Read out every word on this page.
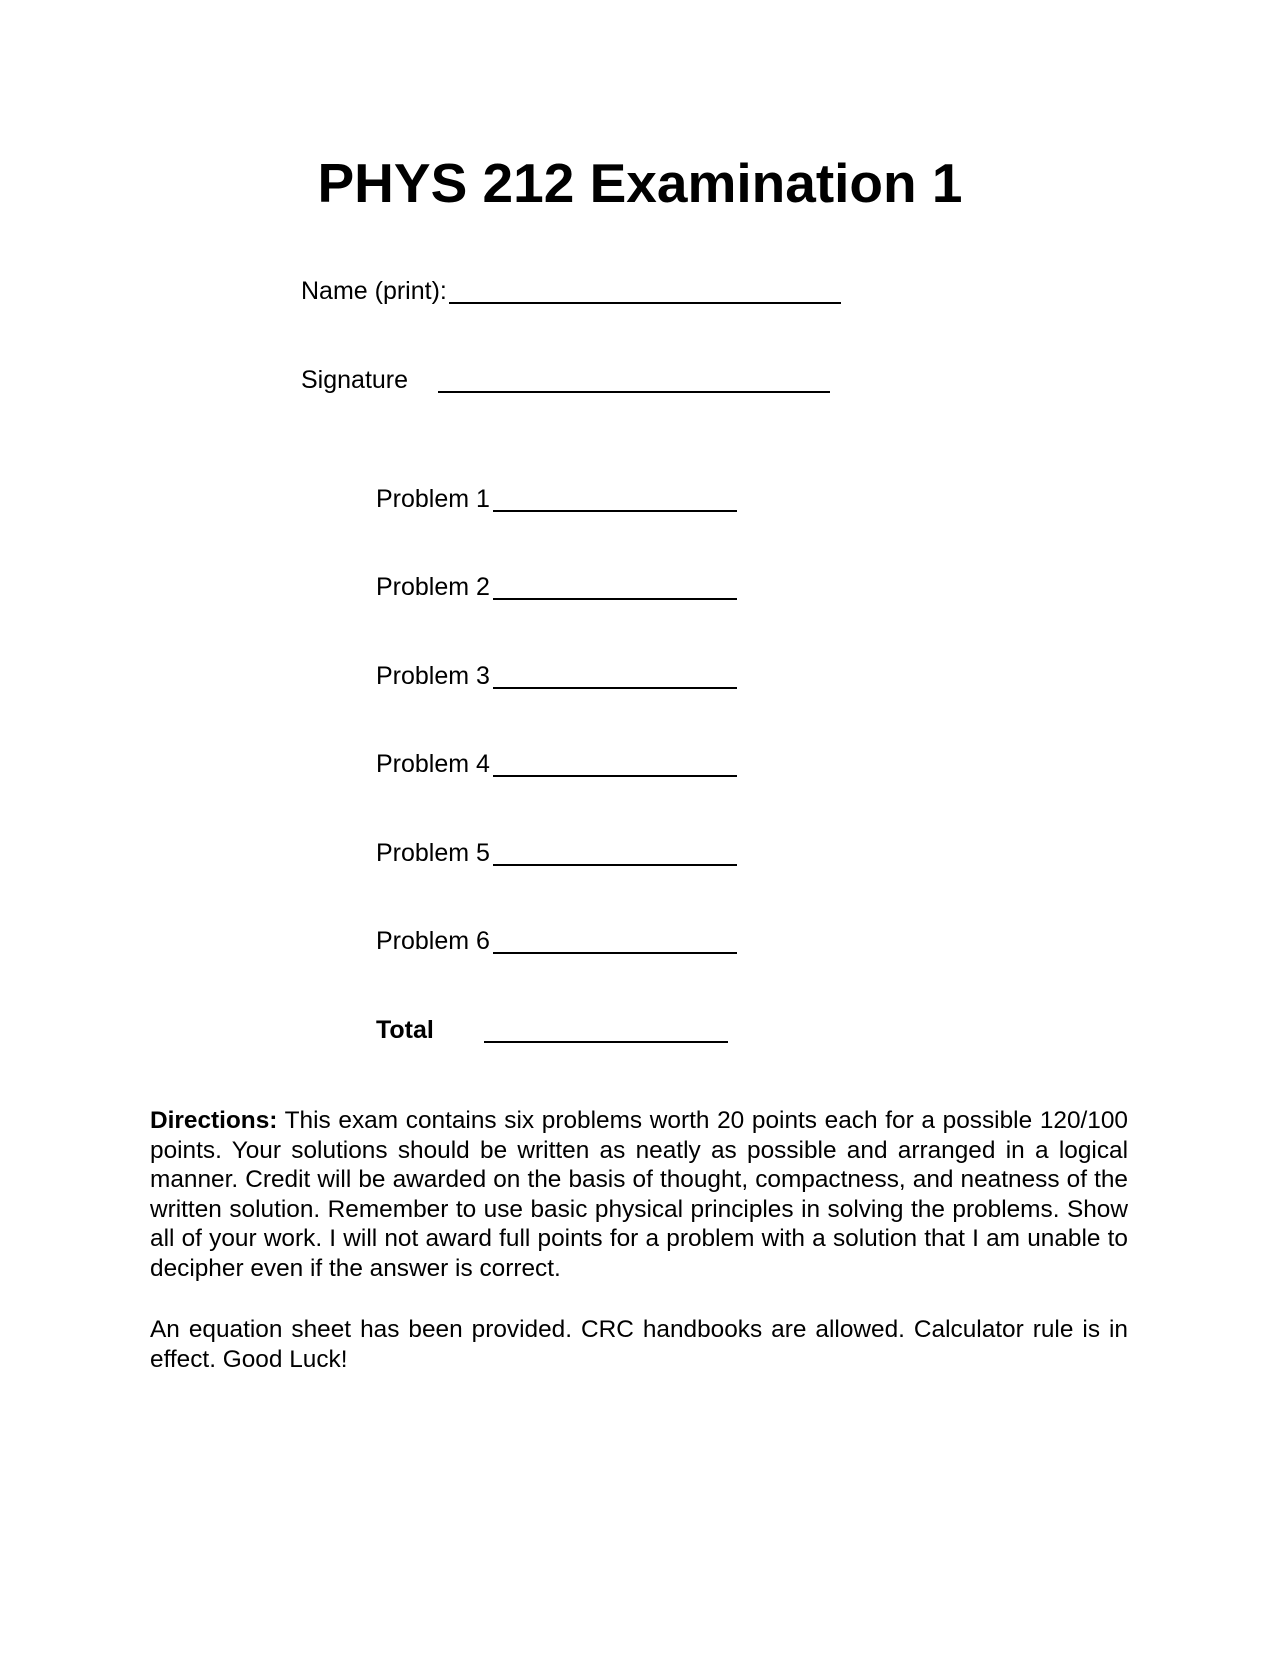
PHYS 212 Examination 1
Name (print):
Signature
Problem 1
Problem 2
Problem 3
Problem 4
Problem 5
Problem 6
Total
Directions: This exam contains six problems worth 20 points each for a possible 120/100 points. Your solutions should be written as neatly as possible and arranged in a logical manner. Credit will be awarded on the basis of thought, compactness, and neatness of the written solution. Remember to use basic physical principles in solving the problems. Show all of your work. I will not award full points for a problem with a solution that I am unable to decipher even if the answer is correct.
An equation sheet has been provided. CRC handbooks are allowed. Calculator rule is in effect. Good Luck!
